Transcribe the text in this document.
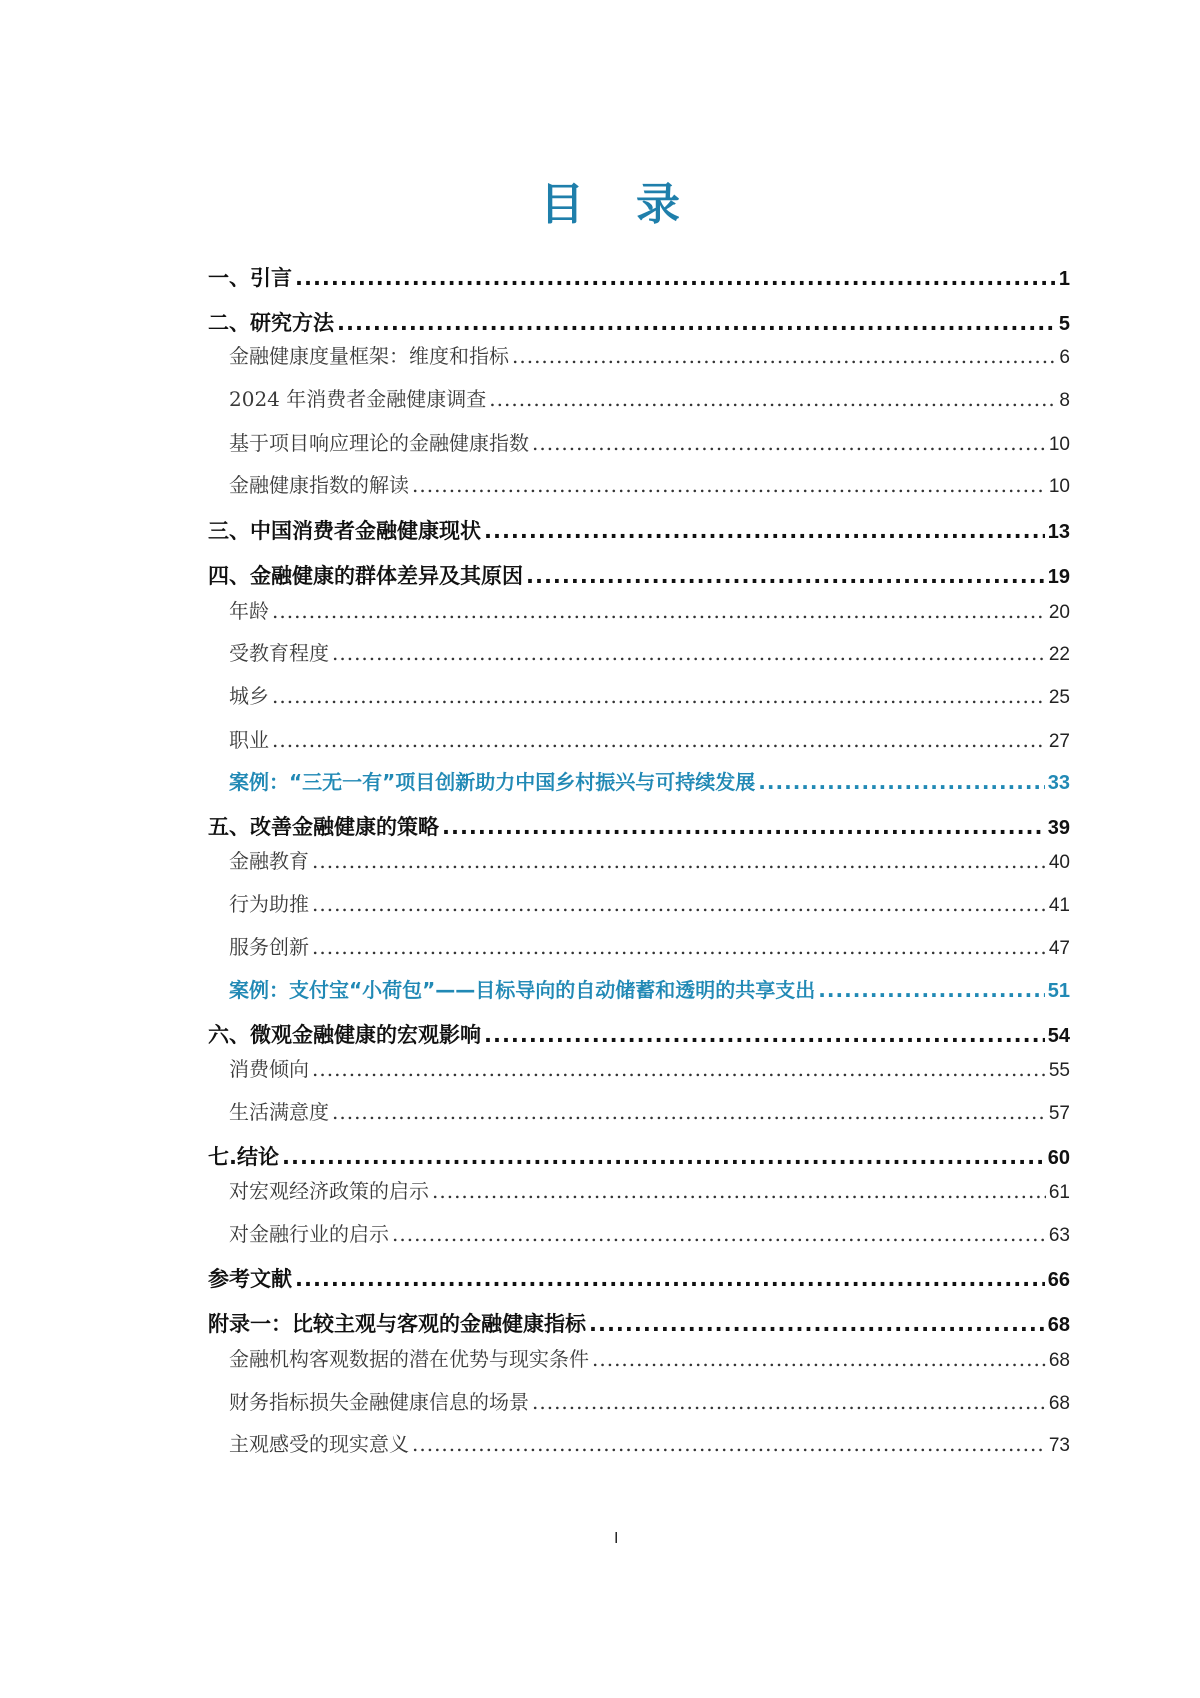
目录
一、引言 .....	1
二、研究方法 .....	5
金融健康度量框架：维度和指标 .....	6
2024 年消费者金融健康调查 .....	8
基于项目响应理论的金融健康指数 .....	10
金融健康指数的解读 .....	10
三、中国消费者金融健康现状 .....	13
四、金融健康的群体差异及其原因 .....	19
年龄 .....	20
受教育程度 .....	22
城乡 .....	25
职业 .....	27
案例：“三无一有”项目创新助力中国乡村振兴与可持续发展 .....	33
五、改善金融健康的策略 .....	39
金融教育 .....	40
行为助推 .....	41
服务创新 .....	47
案例：支付宝“小荷包”——目标导向的自动储蓄和透明的共享支出 .....	51
六、微观金融健康的宏观影响 .....	54
消费倾向 .....	55
生活满意度 .....	57
七.结论 .....	60
对宏观经济政策的启示 .....	61
对金融行业的启示 .....	63
参考文献 .....	66
附录一：比较主观与客观的金融健康指标 .....	68
金融机构客观数据的潜在优势与现实条件 .....	68
财务指标损失金融健康信息的场景 .....	68
主观感受的现实意义 .....	73
I
